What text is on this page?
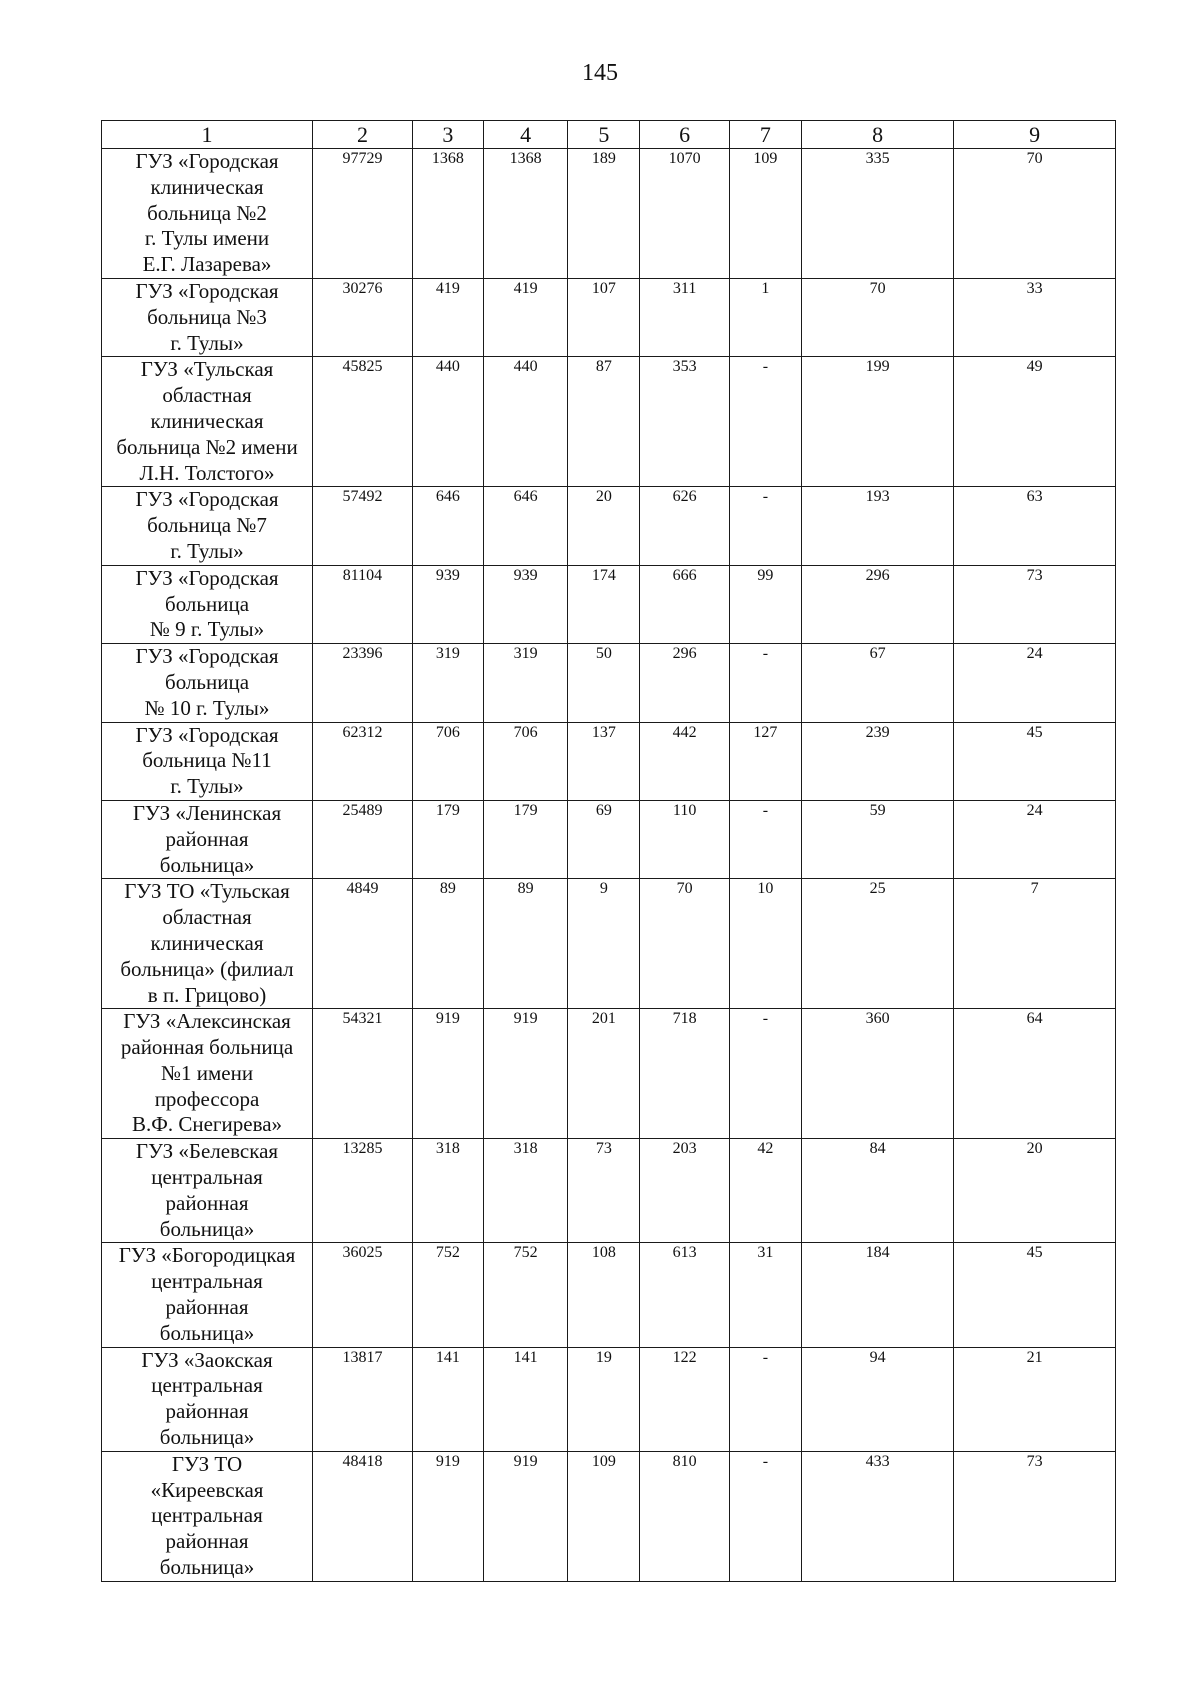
145
1	2	3	4	5	6	7	8	9

ГУЗ «Городская
клиническая
больница №2
г. Тулы имени
Е.Г. Лазарева»	97729	1368	1368	189	1070	109	335	70

ГУЗ «Городская
больница №3
г. Тулы»	30276	419	419	107	311	1	70	33

ГУЗ «Тульская
областная
клиническая
больница №2 имени
Л.Н. Толстого»	45825	440	440	87	353	-	199	49

ГУЗ «Городская
больница №7
г. Тулы»	57492	646	646	20	626	-	193	63

ГУЗ «Городская
больница
№ 9 г. Тулы»	81104	939	939	174	666	99	296	73

ГУЗ «Городская
больница
№ 10 г. Тулы»	23396	319	319	50	296	-	67	24

ГУЗ «Городская
больница №11
г. Тулы»	62312	706	706	137	442	127	239	45

ГУЗ «Ленинская
районная
больница»	25489	179	179	69	110	-	59	24

ГУЗ ТО «Тульская
областная
клиническая
больница» (филиал
в п. Грицово)	4849	89	89	9	70	10	25	7

ГУЗ «Алексинская
районная больница
№1 имени
профессора
В.Ф. Снегирева»	54321	919	919	201	718	-	360	64

ГУЗ «Белевская
центральная
районная
больница»	13285	318	318	73	203	42	84	20

ГУЗ «Богородицкая
центральная
районная
больница»	36025	752	752	108	613	31	184	45

ГУЗ «Заокская
центральная
районная
больница»	13817	141	141	19	122	-	94	21

ГУЗ ТО
«Киреевская
центральная
районная
больница»	48418	919	919	109	810	-	433	73
